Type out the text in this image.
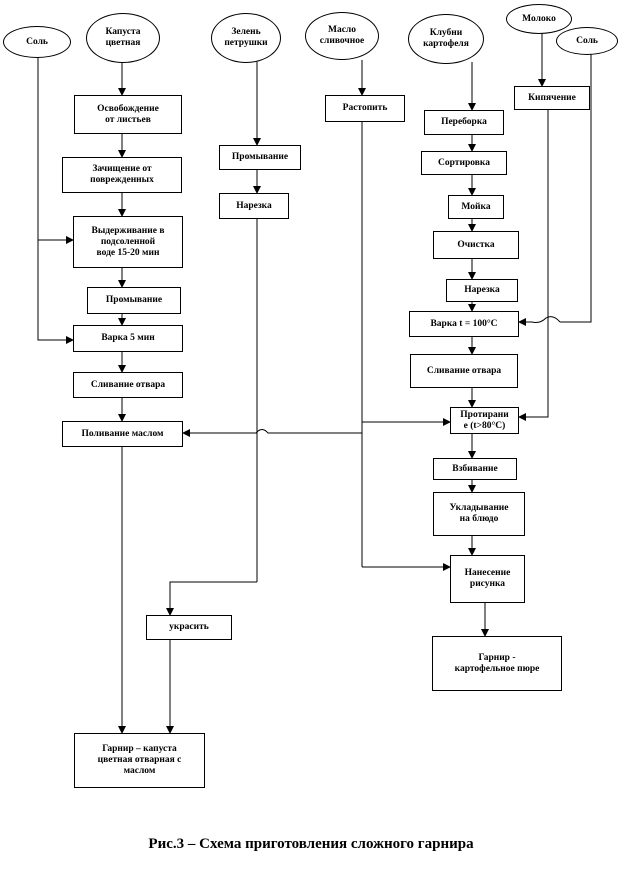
Соль
Капуста
цветная
Зелень
петрушки
Масло
сливочное
Клубни
картофеля
Молоко
Соль
Освобождение
от листьев
Зачищение от
поврежденных
Выдерживание в
подсоленной
воде 15-20 мин
Промывание
Варка 5 мин
Сливание отвара
Поливание маслом
Промывание
Нарезка
Растопить
Кипячение
Переборка
Сортировка
Мойка
Очистка
Нарезка
Варка t = 100°С
Сливание отвара
Протирани
е (t>80°С)
Взбивание
Укладывание
на блюдо
Нанесение
рисунка
Гарнир -
картофельное пюре
украсить
Гарнир – капуста
цветная отварная с
маслом
Рис.3 – Схема приготовления сложного гарнира
